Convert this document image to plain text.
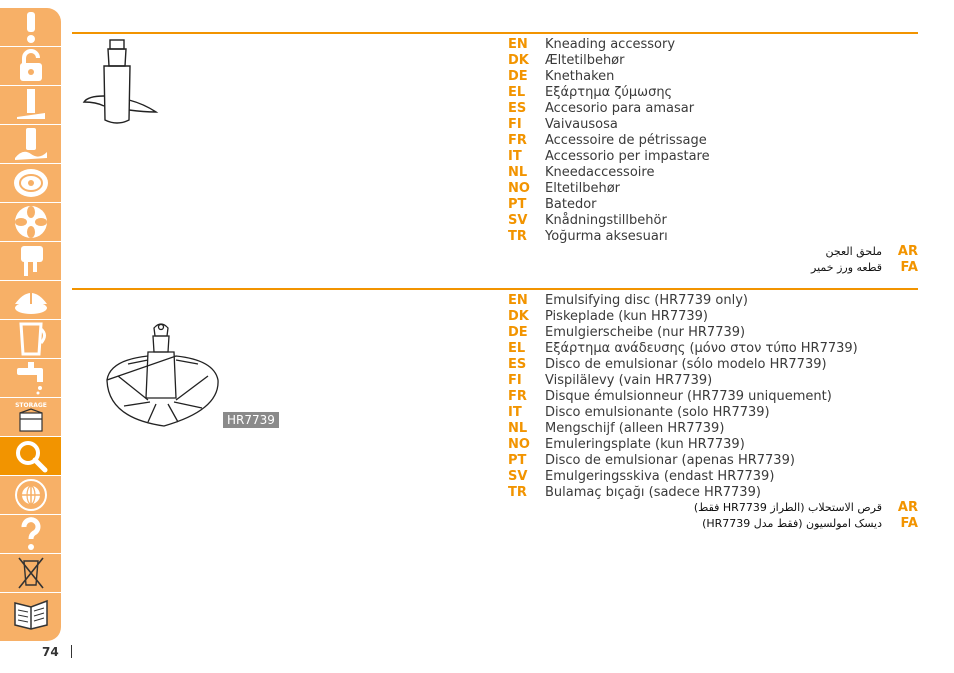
STORAGE
74
EN Kneading accessory
DK Æltetilbehør
DE Knethaken
EL Εξάρτημα ζύμωσης
ES Accesorio para amasar
FI Vaivausosa
FR Accessoire de pétrissage
IT Accessorio per impastare
NL Kneedaccessoire
NO Eltetilbehør
PT Batedor
SV Knådningstillbehör
TR Yoğurma aksesuarı
ملحق العجن AR
قطعه ورز خمیر FA
HR7739
EN Emulsifying disc (HR7739 only)
DK Piskeplade (kun HR7739)
DE Emulgierscheibe (nur HR7739)
EL Εξάρτημα ανάδευσης (μόνο στον τύπο HR7739)
ES Disco de emulsionar (sólo modelo HR7739)
FI Vispilälevy (vain HR7739)
FR Disque émulsionneur (HR7739 uniquement)
IT Disco emulsionante (solo HR7739)
NL Mengschijf (alleen HR7739)
NO Emuleringsplate (kun HR7739)
PT Disco de emulsionar (apenas HR7739)
SV Emulgeringsskiva (endast HR7739)
TR Bulamaç bıçağı (sadece HR7739)
قرص الاستحلاب (الطراز HR7739 فقط) AR
دیسک امولسیون (فقط مدل HR7739) FA
